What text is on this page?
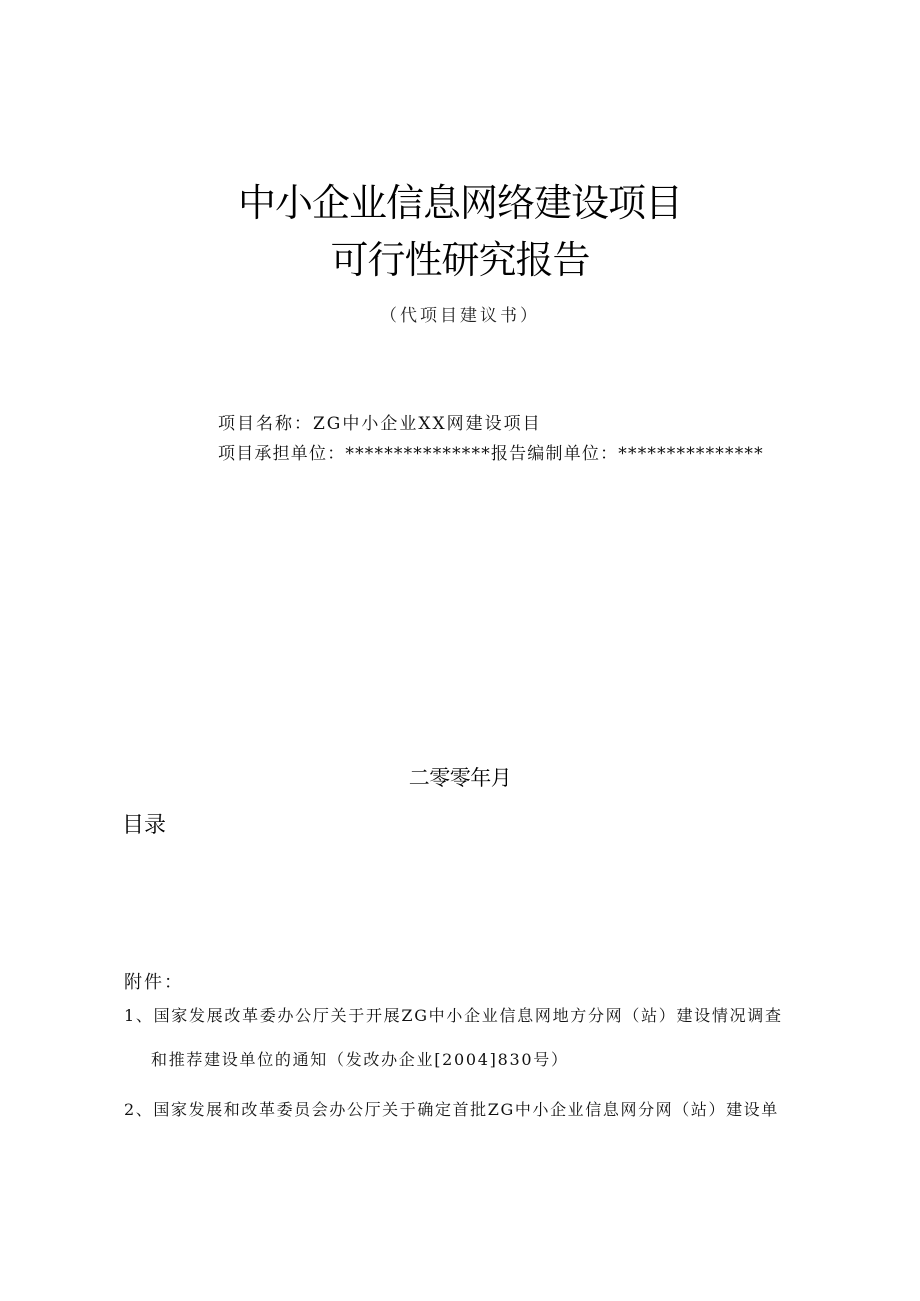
中小企业信息网络建设项目
可行性研究报告
（代项目建议书）
项目名称：ZG中小企业XX网建设项目
项目承担单位：***************报告编制单位：***************
二零零年月
目录
附件：
1、国家发展改革委办公厅关于开展ZG中小企业信息网地方分网（站）建设情况调查
和推荐建设单位的通知（发改办企业[2004]830号）
2、国家发展和改革委员会办公厅关于确定首批ZG中小企业信息网分网（站）建设单
